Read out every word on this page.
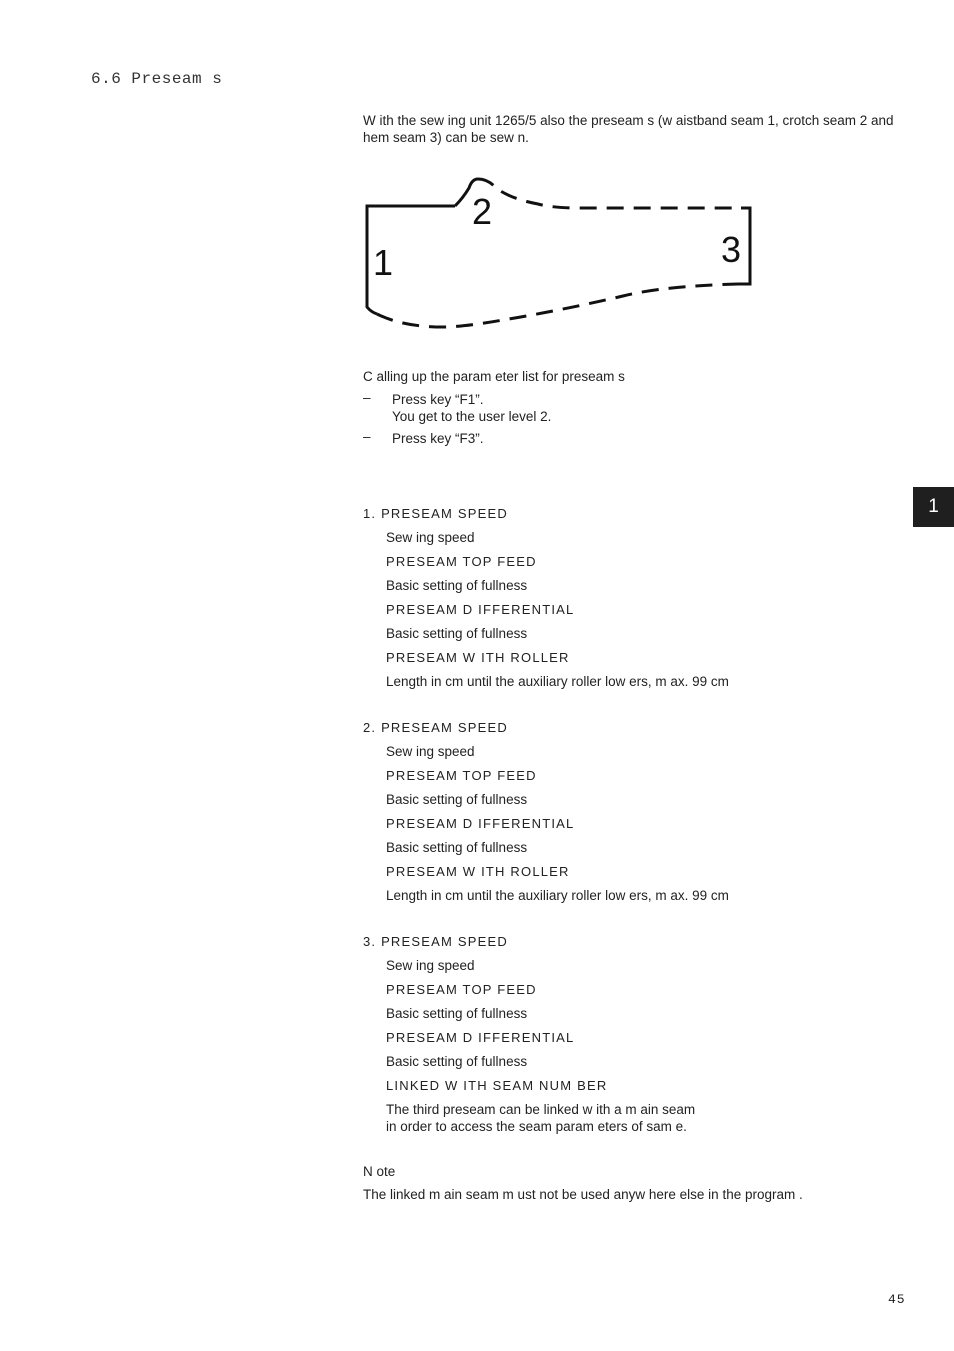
6.6 Preseam s
W ith the sew ing unit 1265/5 also the preseam s (w aistband seam 1, crotch seam 2 and hem seam 3) can be sew n.
1
2
3
C alling up the param eter list for preseam s
– Press key “F1”.
You get to the user level 2.
– Press key “F3”.
1. PRESEAM SPEED
Sew ing speed
PRESEAM TOP FEED
Basic setting of fullness
PRESEAM D IFFERENTIAL
Basic setting of fullness
PRESEAM W ITH ROLLER
Length in cm until the auxiliary roller low ers, m ax. 99 cm
2. PRESEAM SPEED
Sew ing speed
PRESEAM TOP FEED
Basic setting of fullness
PRESEAM D IFFERENTIAL
Basic setting of fullness
PRESEAM W ITH ROLLER
Length in cm until the auxiliary roller low ers, m ax. 99 cm
3. PRESEAM SPEED
Sew ing speed
PRESEAM TOP FEED
Basic setting of fullness
PRESEAM D IFFERENTIAL
Basic setting of fullness
LINKED W ITH SEAM NUM BER
The third preseam can be linked w ith a m ain seam
in order to access the seam param eters of sam e.
N ote
The linked m ain seam m ust not be used anyw here else in the program .
1
45
